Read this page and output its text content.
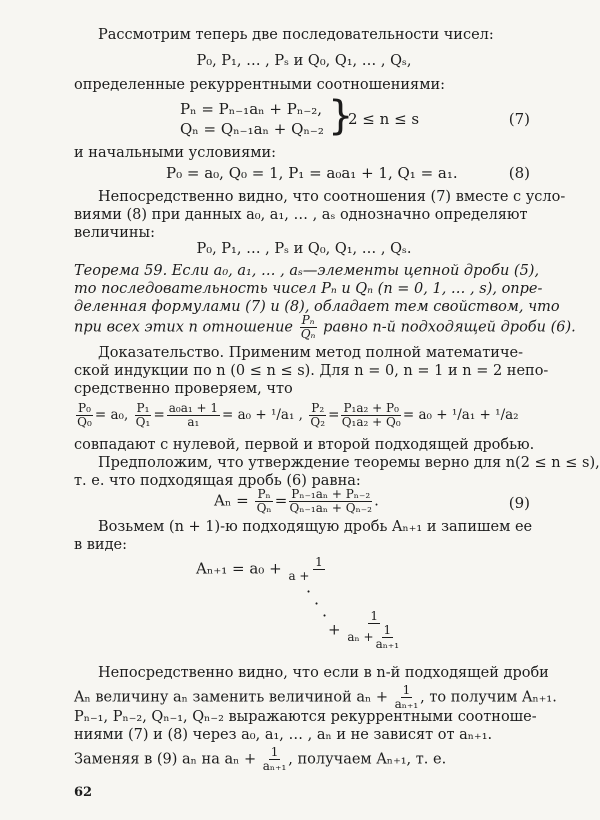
Рассмотрим теперь две последовательности чисел:
P₀, P₁, … , Pₛ и Q₀, Q₁, … , Qₛ,
определенные рекуррентными соотношениями:
Pₙ = Pₙ₋₁aₙ + Pₙ₋₂,
Qₙ = Qₙ₋₁aₙ + Qₙ₋₂ }
2 ≤ n ≤ s	(7)
и начальными условиями:
P₀ = a₀, Q₀ = 1, P₁ = a₀a₁ + 1, Q₁ = a₁.	(8)
Непосредственно видно, что соотношения (7) вместе с усло-
виями (8) при данных a₀, a₁, … , aₛ однозначно определяют
величины:
P₀, P₁, … , Pₛ и Q₀, Q₁, … , Qₛ.
Теорема 59. Если a₀, a₁, … , aₛ—элементы цепной дроби (5),
то последовательность чисел Pₙ и Qₙ (n = 0, 1, … , s), опре-
деленная формулами (7) и (8), обладает тем свойством, что
при всех этих n отношение $\frac{\text{Pₙ}}{\text{Qₙ}}$ равно n-й подходящей дроби (6).
Доказательство. Применим метод полной математиче-
ской индукции по n (0 ≤ n ≤ s). Для n = 0, n = 1 и n = 2 непо-
средственно проверяем, что
$\frac{\text{P₀}}{\text{Q₀}} = a_0$, $\frac{\text{P₁}}{\text{Q₁}} = \frac{\text{a₀a₁ + 1}}{\text{a₁}} = a_0 + ^1/a_1$ , $\frac{\text{P₂}}{\text{Q₂}} = \frac{\text{P₁a₂ + P₀}}{\text{Q₁a₂ + Q₀}} = a_0 + ^1/a_1 + ^1/a_2$
совпадают с нулевой, первой и второй подходящей дробью.
Предположим, что утверждение теоремы верно для n(2 ≤ n ≤ s),
т. е. что подходящая дробь (6) равна:
$A_n = \frac{\text{Pₙ}}{\text{Qₙ}} = \frac{\text{Pₙ₋₁aₙ + Pₙ₋₂}}{\text{Qₙ₋₁aₙ + Qₙ₋₂}}$ .	(9)
Возьмем (n + 1)-ю подходящую дробь Aₙ₊₁ и запишем ее
в виде:
$A_{n+1} = a_0 + \frac{1}{a +}$
·
·
·
+ $\frac{1}{a_n + \frac{1}{\text{aₙ₊₁}}}$
Непосредственно видно, что если в n-й подходящей дроби
Aₙ величину aₙ заменить величиной $a_n + \frac{1}{\text{aₙ₊₁}}$ , то получим Aₙ₊₁.
Pₙ₋₁, Pₙ₋₂, Qₙ₋₁, Qₙ₋₂ выражаются рекуррентными соотноше-
ниями (7) и (8) через a₀, a₁, … , aₙ и не зависят от aₙ₊₁.
Заменяя в (9) aₙ на $a_n + \frac{1}{\text{aₙ₊₁}}$ , получаем Aₙ₊₁, т. е.
62
